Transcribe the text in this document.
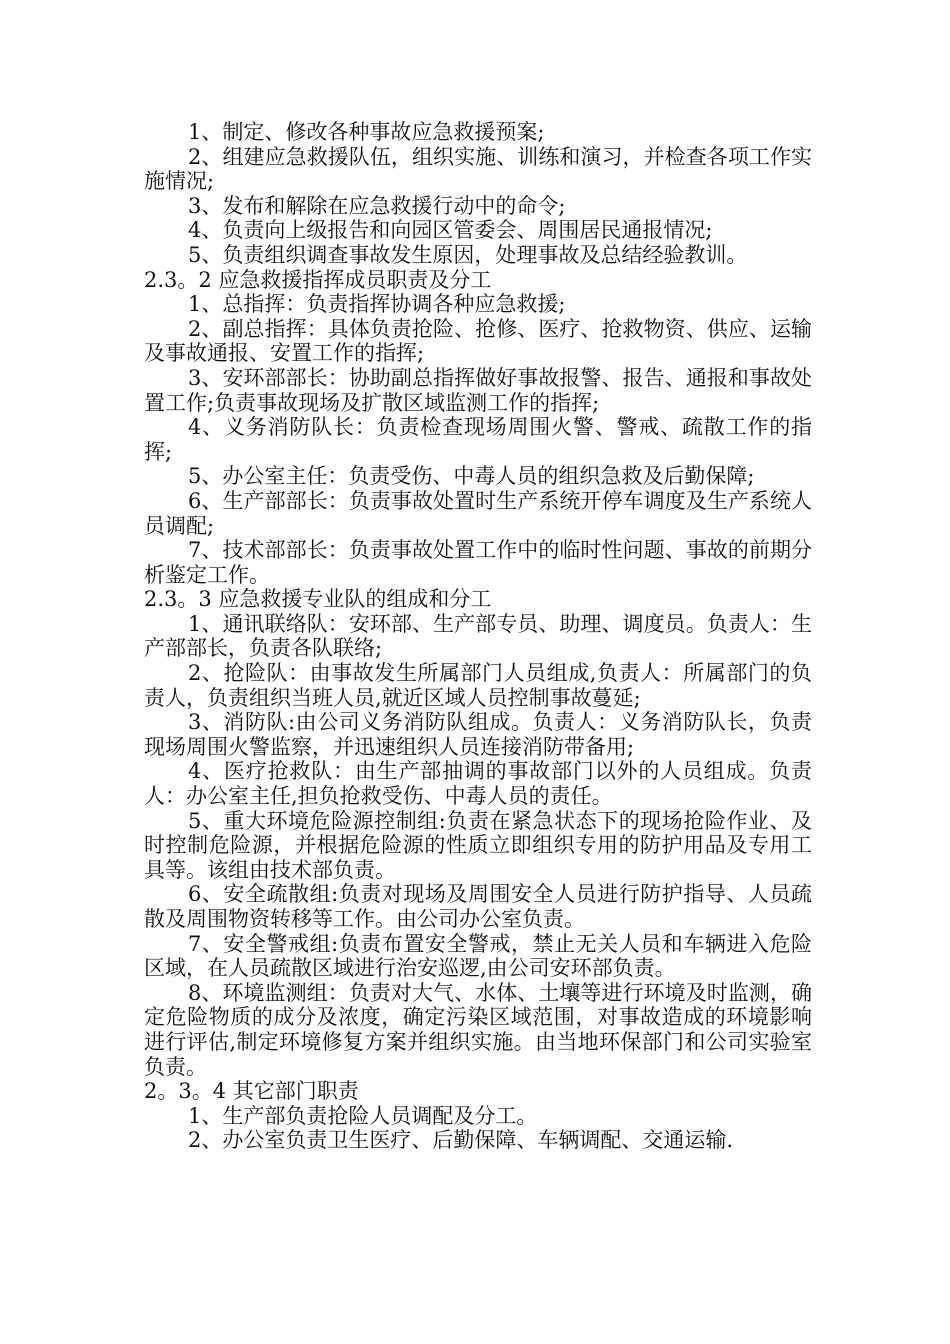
1、制定、修改各种事故应急救援预案;

2、组建应急救援队伍，组织实施、训练和演习，并检查各项工作实施情况;

3、发布和解除在应急救援行动中的命令;

4、负责向上级报告和向园区管委会、周围居民通报情况;

5、负责组织调查事故发生原因，处理事故及总结经验教训。

2.3。2 应急救援指挥成员职责及分工

1、总指挥：负责指挥协调各种应急救援;

2、副总指挥：具体负责抢险、抢修、医疗、抢救物资、供应、运输及事故通报、安置工作的指挥;

3、安环部部长：协助副总指挥做好事故报警、报告、通报和事故处置工作;负责事故现场及扩散区域监测工作的指挥;

4、义务消防队长：负责检查现场周围火警、警戒、疏散工作的指挥;

5、办公室主任：负责受伤、中毒人员的组织急救及后勤保障;

6、生产部部长：负责事故处置时生产系统开停车调度及生产系统人员调配;

7、技术部部长：负责事故处置工作中的临时性问题、事故的前期分析鉴定工作。

2.3。3 应急救援专业队的组成和分工

1、通讯联络队：安环部、生产部专员、助理、调度员。负责人：生产部部长，负责各队联络;

2、抢险队：由事故发生所属部门人员组成,负责人：所属部门的负责人，负责组织当班人员,就近区域人员控制事故蔓延;

3、消防队:由公司义务消防队组成。负责人：义务消防队长，负责现场周围火警监察，并迅速组织人员连接消防带备用;

4、医疗抢救队：由生产部抽调的事故部门以外的人员组成。负责人：办公室主任,担负抢救受伤、中毒人员的责任。

5、重大环境危险源控制组:负责在紧急状态下的现场抢险作业、及时控制危险源，并根据危险源的性质立即组织专用的防护用品及专用工具等。该组由技术部负责。

6、安全疏散组:负责对现场及周围安全人员进行防护指导、人员疏散及周围物资转移等工作。由公司办公室负责。

7、安全警戒组:负责布置安全警戒，禁止无关人员和车辆进入危险区域，在人员疏散区域进行治安巡逻,由公司安环部负责。

8、环境监测组：负责对大气、水体、土壤等进行环境及时监测，确定危险物质的成分及浓度，确定污染区域范围，对事故造成的环境影响进行评估,制定环境修复方案并组织实施。由当地环保部门和公司实验室负责。

2。3。4 其它部门职责

1、生产部负责抢险人员调配及分工。

2、办公室负责卫生医疗、后勤保障、车辆调配、交通运输.
